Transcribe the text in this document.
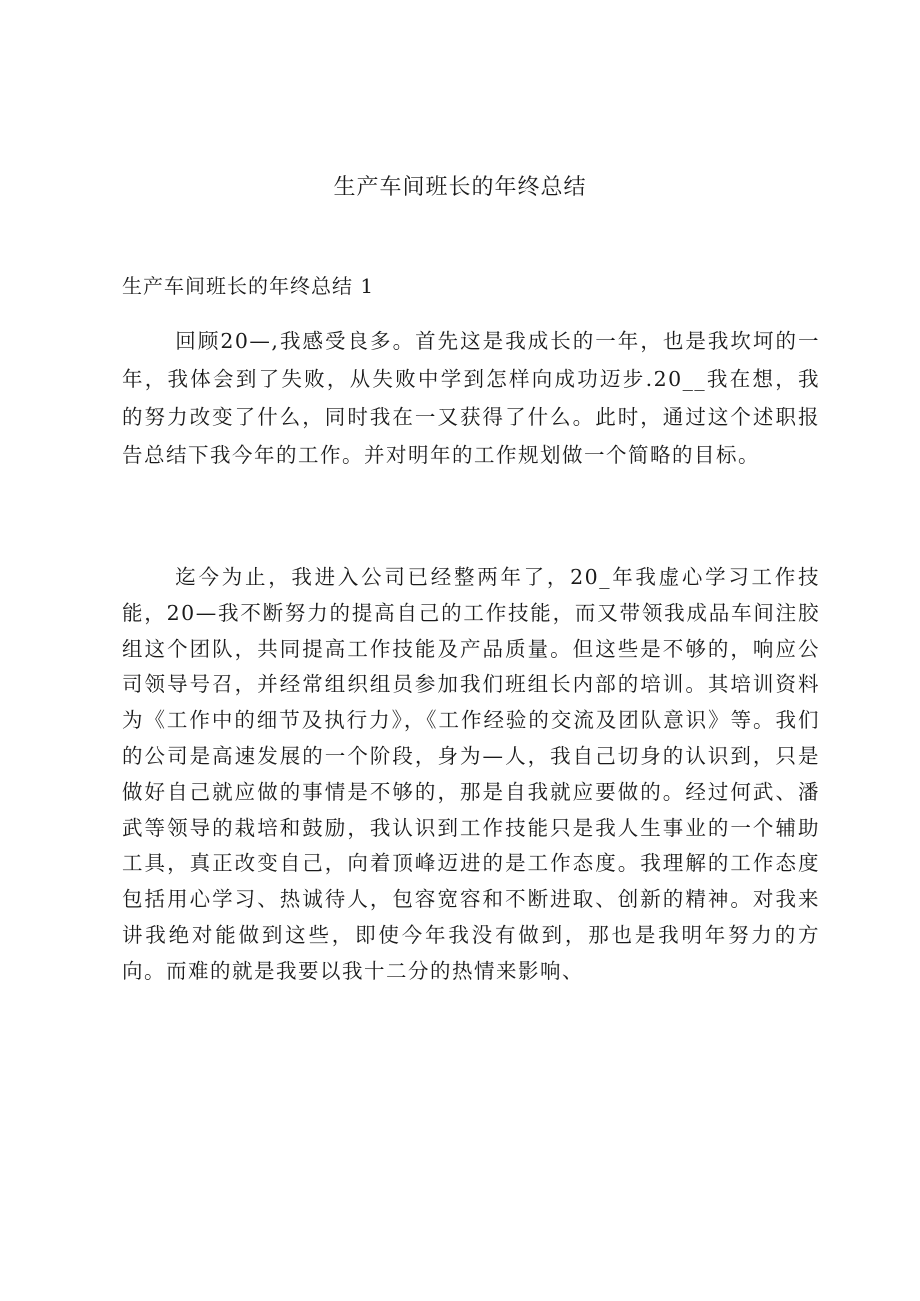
生产车间班长的年终总结
生产车间班长的年终总结 1

回顾20—,我感受良多。首先这是我成长的一年，也是我坎坷的一年，我体会到了失败，从失败中学到怎样向成功迈步.20__我在想，我的努力改变了什么，同时我在一又获得了什么。此时，通过这个述职报告总结下我今年的工作。并对明年的工作规划做一个简略的目标。

迄今为止，我进入公司已经整两年了，20_年我虚心学习工作技能，20—我不断努力的提高自己的工作技能，而又带领我成品车间注胶组这个团队，共同提高工作技能及产品质量。但这些是不够的，响应公司领导号召，并经常组织组员参加我们班组长内部的培训。其培训资料为《工作中的细节及执行力》，《工作经验的交流及团队意识》等。我们的公司是高速发展的一个阶段，身为—人，我自己切身的认识到，只是做好自己就应做的事情是不够的，那是自我就应要做的。经过何武、潘武等领导的栽培和鼓励，我认识到工作技能只是我人生事业的一个辅助工具，真正改变自己，向着顶峰迈进的是工作态度。我理解的工作态度包括用心学习、热诚待人，包容宽容和不断进取、创新的精神。对我来讲我绝对能做到这些，即使今年我没有做到，那也是我明年努力的方向。而难的就是我要以我十二分的热情来影响、
